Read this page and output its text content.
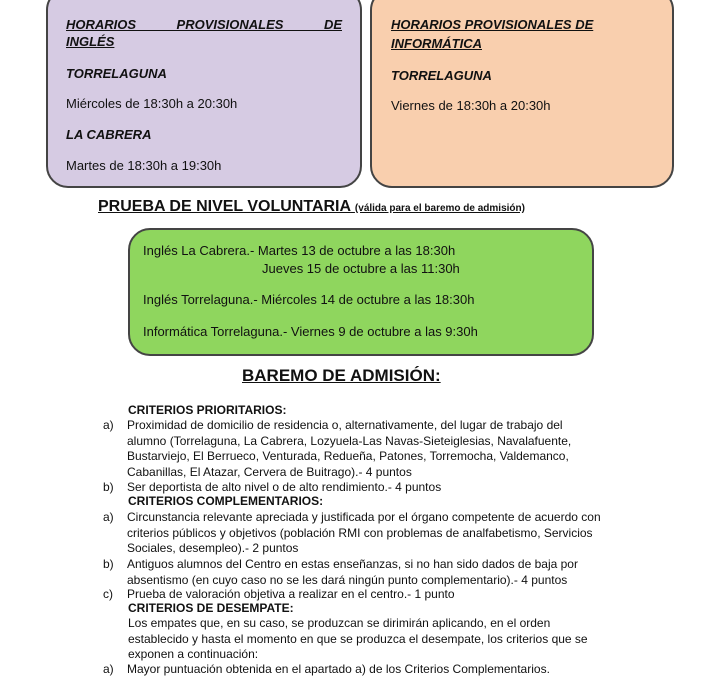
HORARIOS PROVISIONALES DE
INGLÉS
TORRELAGUNA
Miércoles de 18:30h a 20:30h
LA CABRERA
Martes de 18:30h a 19:30h
HORARIOS PROVISIONALES DE
INFORMÁTICA
TORRELAGUNA
Viernes de 18:30h a 20:30h
PRUEBA DE NIVEL VOLUNTARIA (válida para el baremo de admisión)
Inglés La Cabrera.- Martes 13 de octubre a las 18:30h
Jueves 15 de octubre a las 11:30h
Inglés Torrelaguna.- Miércoles 14 de octubre a las 18:30h
Informática Torrelaguna.- Viernes 9 de octubre a las 9:30h
BAREMO DE ADMISIÓN:
CRITERIOS PRIORITARIOS:
a) Proximidad de domicilio de residencia o, alternativamente, del lugar de trabajo del alumno (Torrelaguna, La Cabrera, Lozyuela-Las Navas-Sieteiglesias, Navalafuente, Bustarviejo, El Berrueco, Venturada, Redueña, Patones, Torremocha, Valdemanco, Cabanillas, El Atazar, Cervera de Buitrago).- 4 puntos
b) Ser deportista de alto nivel o de alto rendimiento.- 4 puntos
CRITERIOS COMPLEMENTARIOS:
a) Circunstancia relevante apreciada y justificada por el órgano competente de acuerdo con criterios públicos y objetivos (población RMI con problemas de analfabetismo, Servicios Sociales, desempleo).- 2 puntos
b) Antiguos alumnos del Centro en estas enseñanzas, si no han sido dados de baja por absentismo (en cuyo caso no se les dará ningún punto complementario).- 4 puntos
c) Prueba de valoración objetiva a realizar en el centro.- 1 punto
CRITERIOS DE DESEMPATE:
Los empates que, en su caso, se produzcan se dirimirán aplicando, en el orden establecido y hasta el momento en que se produzca el desempate, los criterios que se exponen a continuación:
a) Mayor puntuación obtenida en el apartado a) de los Criterios Complementarios.
